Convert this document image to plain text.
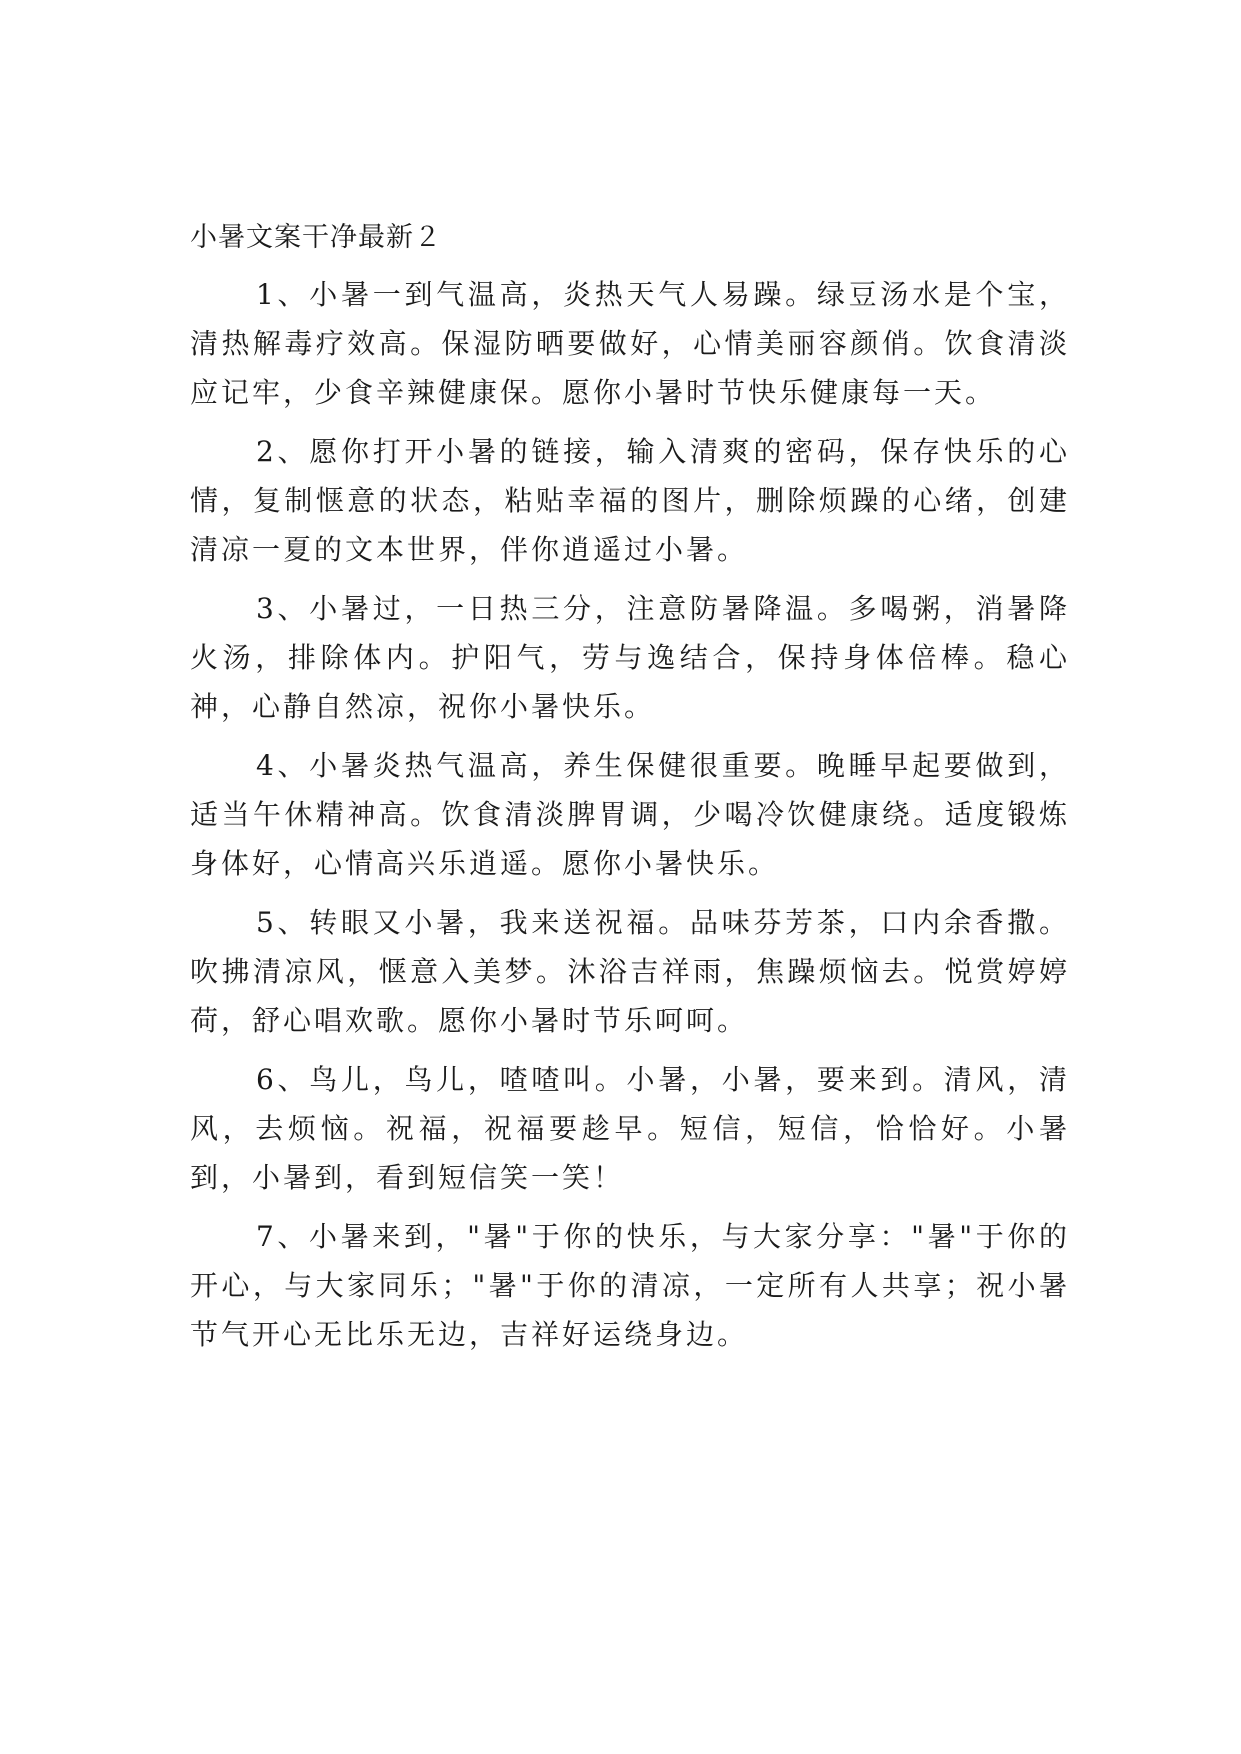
小暑文案干净最新２

1、小暑一到气温高，炎热天气人易躁。绿豆汤水是个宝，清热解毒疗效高。保湿防晒要做好，心情美丽容颜俏。饮食清淡应记牢，少食辛辣健康保。愿你小暑时节快乐健康每一天。

2、愿你打开小暑的链接，输入清爽的密码，保存快乐的心情，复制惬意的状态，粘贴幸福的图片，删除烦躁的心绪，创建清凉一夏的文本世界，伴你逍遥过小暑。

3、小暑过，一日热三分，注意防暑降温。多喝粥，消暑降火汤，排除体内。护阳气，劳与逸结合，保持身体倍棒。稳心神，心静自然凉，祝你小暑快乐。

4、小暑炎热气温高，养生保健很重要。晚睡早起要做到，适当午休精神高。饮食清淡脾胃调，少喝冷饮健康绕。适度锻炼身体好，心情高兴乐逍遥。愿你小暑快乐。

5、转眼又小暑，我来送祝福。品味芬芳茶，口内余香撒。吹拂清凉风，惬意入美梦。沐浴吉祥雨，焦躁烦恼去。悦赏婷婷荷，舒心唱欢歌。愿你小暑时节乐呵呵。

6、鸟儿，鸟儿，喳喳叫。小暑，小暑，要来到。清风，清风，去烦恼。祝福，祝福要趁早。短信，短信，恰恰好。小暑到，小暑到，看到短信笑一笑！

7、小暑来到，"暑"于你的快乐，与大家分享："暑"于你的开心，与大家同乐；"暑"于你的清凉，一定所有人共享；祝小暑节气开心无比乐无边，吉祥好运绕身边。
